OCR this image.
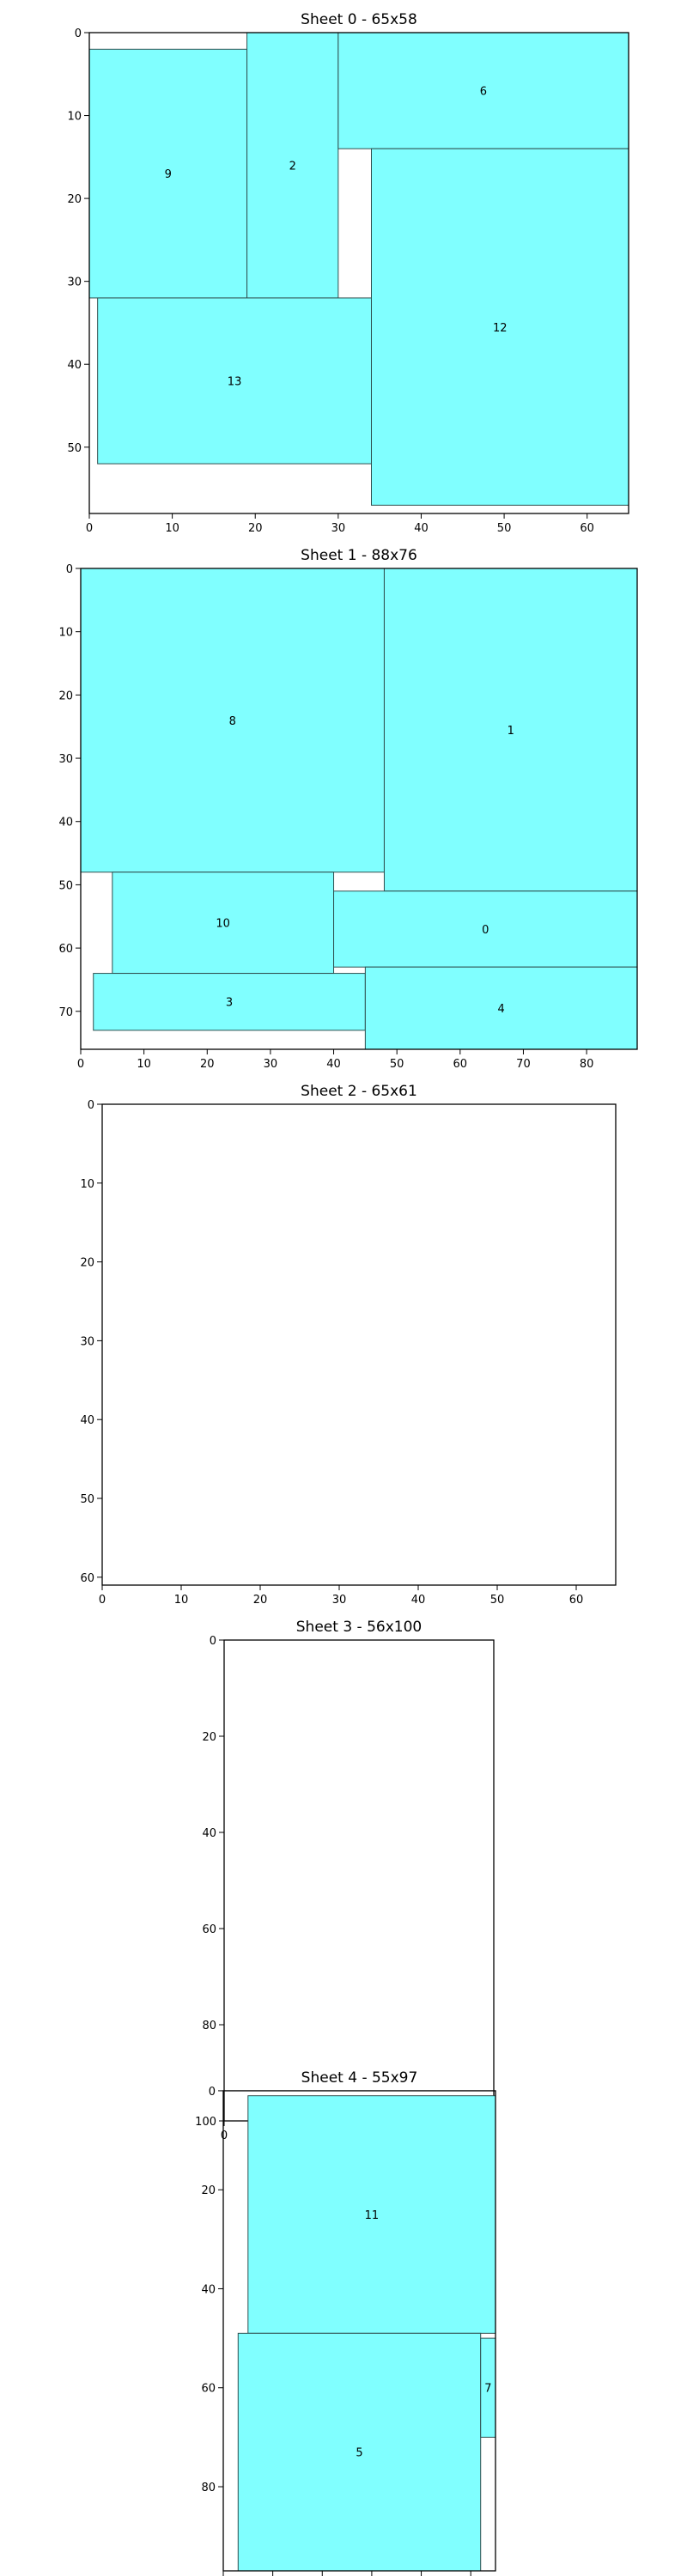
Sheet 0 - 65x58
9
2
6
12
13
0	10	20	30	40	50	60
0
10
20
30
40
50
Sheet 1 - 88x76
8
1
10	0
3	4
0	10	20	30	40	50	60	70	80
0
10
20
30
40
50
60
70
Sheet 2 - 65x61
0	10	20	30	40	50	60
0
10
20
30
40
50
60
Sheet 3 - 56x100
0
0
20
40
60
80
100
Sheet 4 - 55x97
11
5
7
0
20
40
60
80
